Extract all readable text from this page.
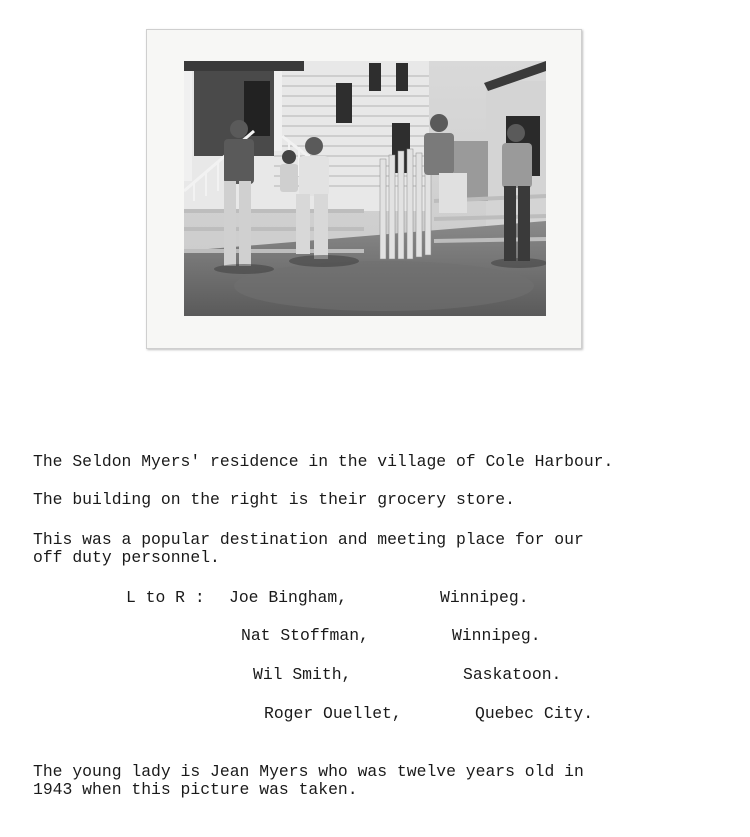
The Seldon Myers' residence in the village of Cole Harbour.

The building on the right is their grocery store.

This was a popular destination and meeting place for our

off duty personnel.

L to R : Joe Bingham,	Winnipeg.

Nat Stoffman,	Winnipeg.

Wil Smith,	Saskatoon.

Roger Ouellet,	Quebec City.

The young lady is Jean Myers who was twelve years old in

1943 when this picture was taken.
